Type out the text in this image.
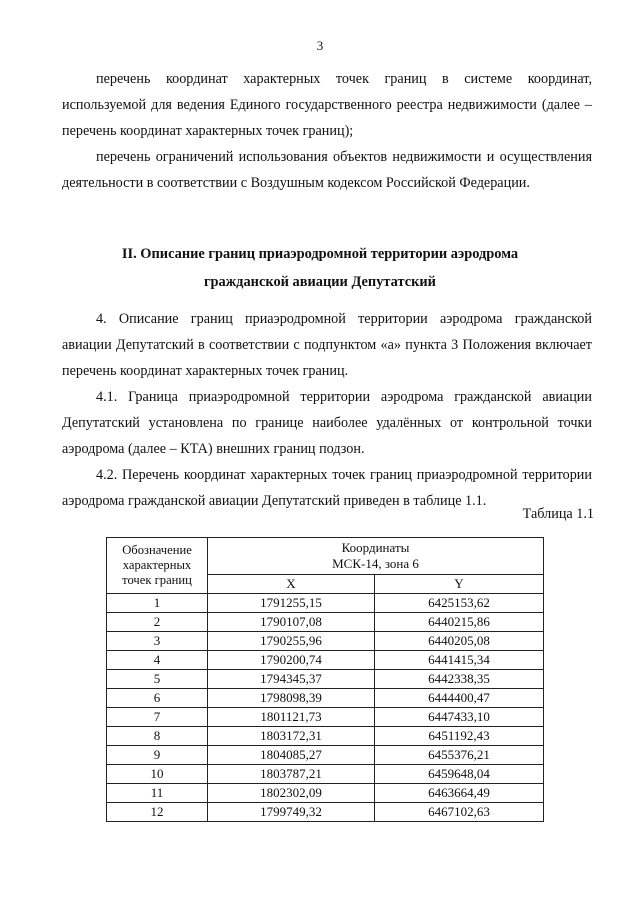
3

перечень координат характерных точек границ в системе координат, используемой для ведения Единого государственного реестра недвижимости (далее – перечень координат характерных точек границ);

перечень ограничений использования объектов недвижимости и осуществления деятельности в соответствии с Воздушным кодексом Российской Федерации.

II. Описание границ приаэродромной территории аэродрома
гражданской авиации Депутатский

4. Описание границ приаэродромной территории аэродрома гражданской авиации Депутатский в соответствии с подпунктом «а» пункта 3 Положения включает перечень координат характерных точек границ.

4.1. Граница приаэродромной территории аэродрома гражданской авиации Депутатский установлена по границе наиболее удалённых от контрольной точки аэродрома (далее – КТА) внешних границ подзон.

4.2. Перечень координат характерных точек границ приаэродромной территории аэродрома гражданской авиации Депутатский приведен в таблице 1.1.

Таблица 1.1
Обозначение характерных точек границ	Координаты
МСК-14, зона 6	

	X	Y
1	1791255,15	6425153,62
2	1790107,08	6440215,86
3	1790255,96	6440205,08
4	1790200,74	6441415,34
5	1794345,37	6442338,35
6	1798098,39	6444400,47
7	1801121,73	6447433,10
8	1803172,31	6451192,43
9	1804085,27	6455376,21
10	1803787,21	6459648,04
11	1802302,09	6463664,49
12	1799749,32	6467102,63
